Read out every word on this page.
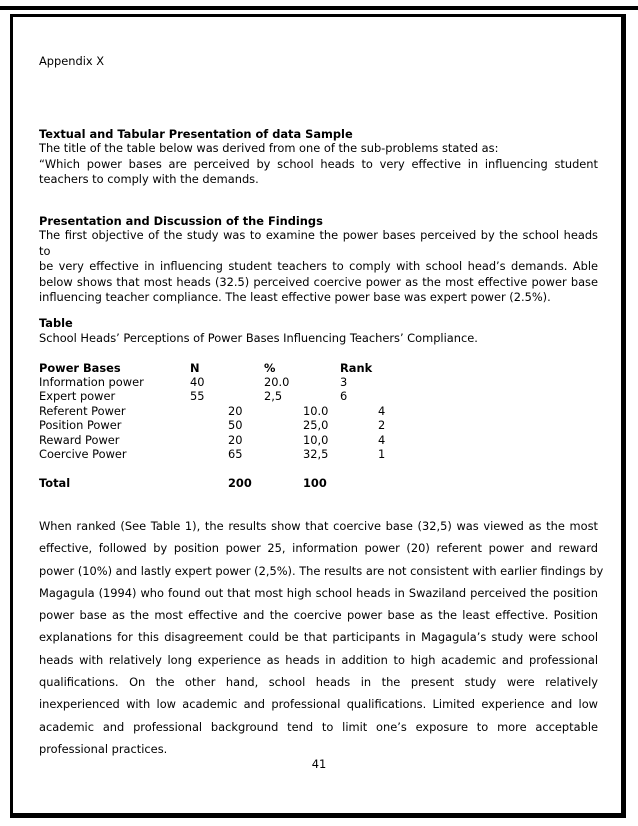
Appendix X
Textual and Tabular Presentation of data Sample
The title of the table below was derived from one of the sub-problems stated as:
“Which power bases are perceived by school heads to very effective in influencing student
teachers to comply with the demands.
Presentation and Discussion of the Findings
The first objective of the study was to examine the power bases perceived by the school heads to
be very effective in influencing student teachers to comply with school head’s demands. Able
below shows that most heads (32.5) perceived coercive power as the most effective power base
influencing teacher compliance. The least effective power base was expert power (2.5%).
Table
School Heads’ Perceptions of Power Bases Influencing Teachers’ Compliance.
Power Bases	N	%	Rank
Information power	40	20.0	3
Expert power	55	2,5	6
Referent Power	20	10.0	4
Position Power	50	25,0	2
Reward Power	20	10,0	4
Coercive Power	65	32,5	1
Total	200	100
When ranked (See Table 1), the results show that coercive base (32,5) was viewed as the most
effective, followed by position power 25, information power (20) referent power and reward
power (10%) and lastly expert power (2,5%). The results are not consistent with earlier findings by
Magagula (1994) who found out that most high school heads in Swaziland perceived the position
power base as the most effective and the coercive power base as the least effective. Position
explanations for this disagreement could be that participants in Magagula’s study were school
heads with relatively long experience as heads in addition to high academic and professional
qualifications. On the other hand, school heads in the present study were relatively
inexperienced with low academic and professional qualifications. Limited experience and low
academic and professional background tend to limit one’s exposure to more acceptable
professional practices.
41
